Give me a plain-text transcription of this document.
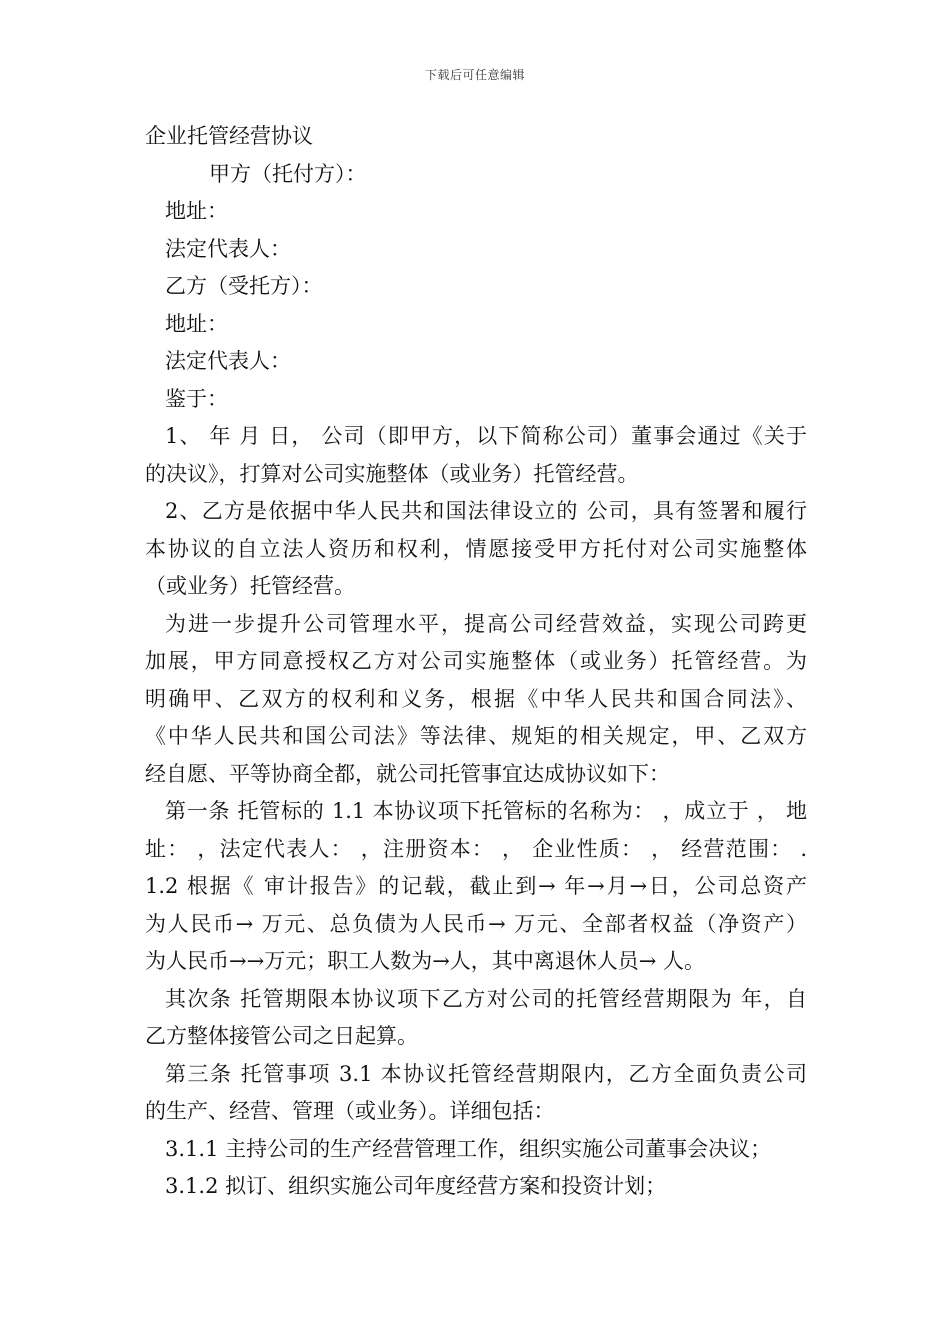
下载后可任意编辑
企业托管经营协议
甲方（托付方）：
地址：
法定代表人：
乙方（受托方）：
地址：
法定代表人：
鉴于：
1、 年 月 日， 公司（即甲方，以下简称公司）董事会通过《关于
的决议》，打算对公司实施整体（或业务）托管经营。
2、乙方是依据中华人民共和国法律设立的 公司，具有签署和履行
本协议的自立法人资历和权利，情愿接受甲方托付对公司实施整体
（或业务）托管经营。
为进一步提升公司管理水平，提高公司经营效益，实现公司跨更
加展，甲方同意授权乙方对公司实施整体（或业务）托管经营。为
明确甲、乙双方的权利和义务，根据《中华人民共和国合同法》、
《中华人民共和国公司法》等法律、规矩的相关规定，甲、乙双方
经自愿、平等协商全都，就公司托管事宜达成协议如下：
第一条 托管标的 1.1 本协议项下托管标的名称为： ，成立于 ， 地
址： ，法定代表人： ，注册资本： ， 企业性质： ， 经营范围： .
1.2 根据《 审计报告》的记载，截止到→ 年→月→日，公司总资产
为人民币→ 万元、总负债为人民币→ 万元、全部者权益（净资产）
为人民币→→万元；职工人数为→人，其中离退休人员→ 人。
其次条 托管期限本协议项下乙方对公司的托管经营期限为 年，自
乙方整体接管公司之日起算。
第三条 托管事项 3.1 本协议托管经营期限内，乙方全面负责公司
的生产、经营、管理（或业务）。详细包括：
3.1.1 主持公司的生产经营管理工作，组织实施公司董事会决议；
3.1.2 拟订、组织实施公司年度经营方案和投资计划；
